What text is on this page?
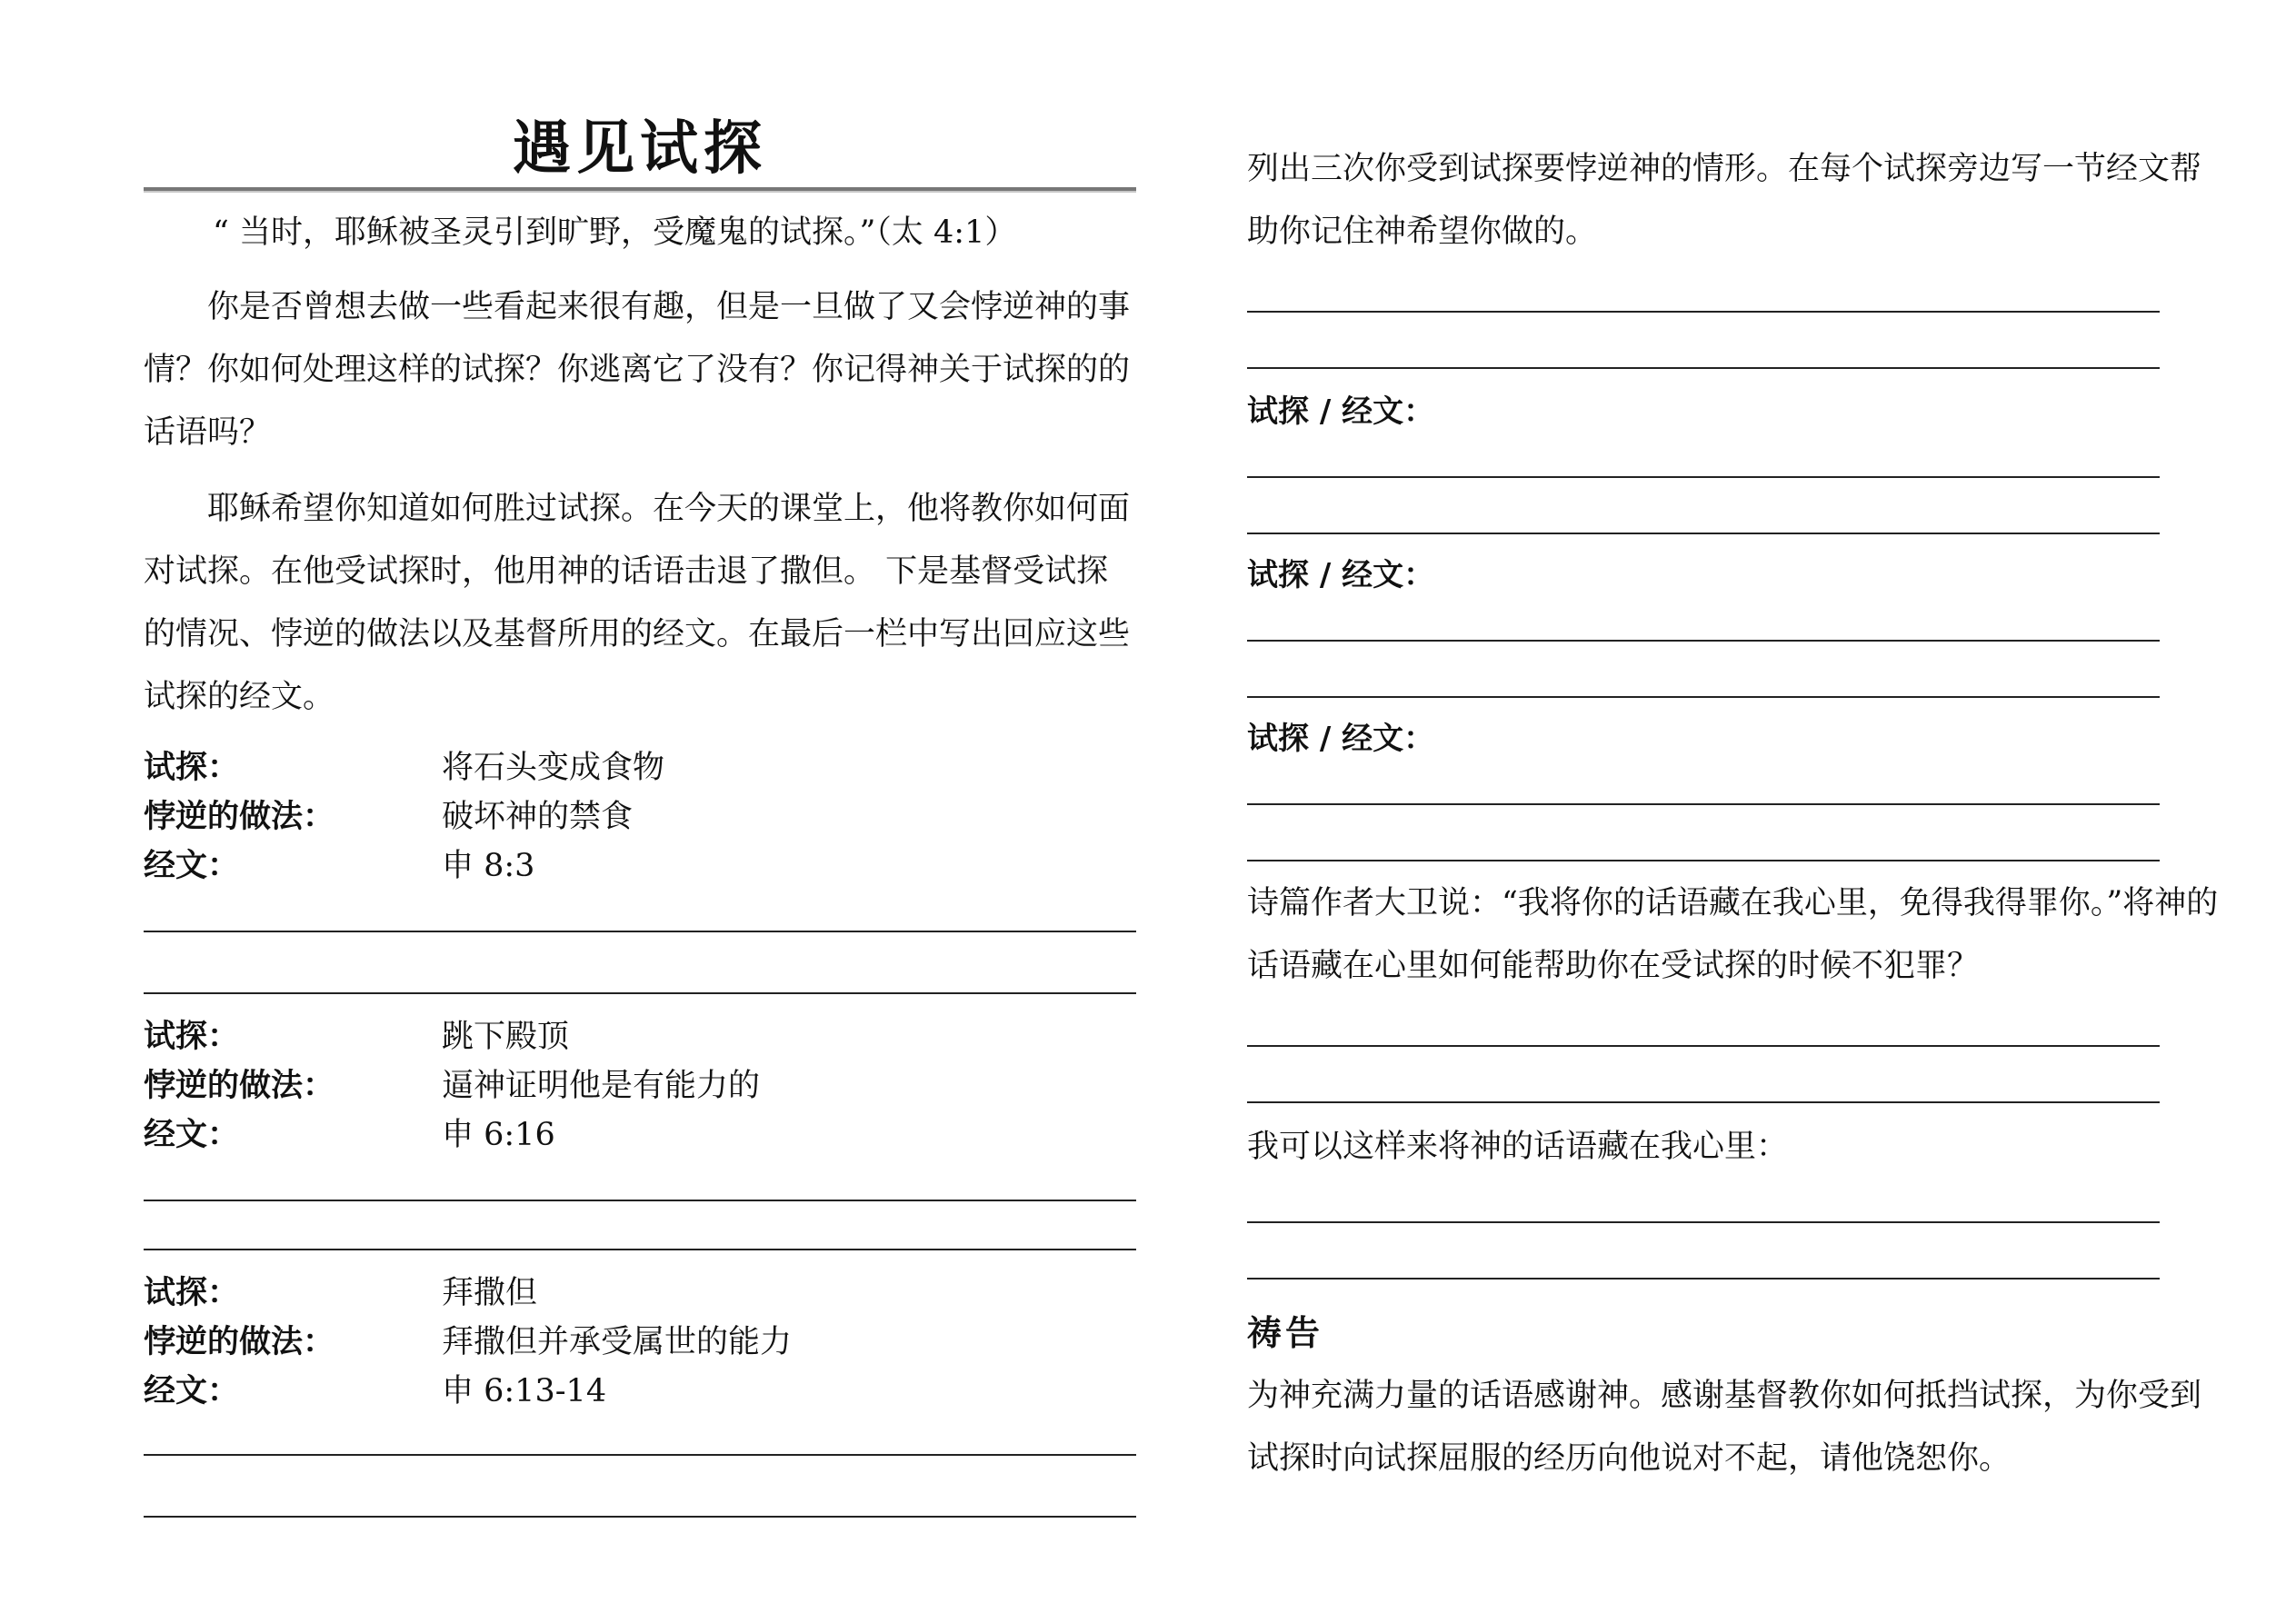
遇见试探
“ 当时，耶稣被圣灵引到旷野，受魔鬼的试探。”（太 4:1）
你是否曾想去做一些看起来很有趣，但是一旦做了又会悖逆神的事情？你如何处理这样的试探？你逃离它了没有？你记得神关于试探的的话语吗？
耶稣希望你知道如何胜过试探。在今天的课堂上，他将教你如何面对试探。在他受试探时，他用神的话语击退了撒但。 下是基督受试探的情况、悖逆的做法以及基督所用的经文。在最后一栏中写出回应这些试探的经文。
试探：	将石头变成食物
悖逆的做法：	破坏神的禁食
经文：	申 8:3
试探：	跳下殿顶
悖逆的做法：	逼神证明他是有能力的
经文：	申 6:16
试探：	拜撒但
悖逆的做法：	拜撒但并承受属世的能力
经文：	申 6:13-14
列出三次你受到试探要悖逆神的情形。在每个试探旁边写一节经文帮助你记住神希望你做的。
试探 / 经文：
试探 / 经文：
试探 / 经文：
诗篇作者大卫说：“我将你的话语藏在我心里，免得我得罪你。”将神的话语藏在心里如何能帮助你在受试探的时候不犯罪？
我可以这样来将神的话语藏在我心里：
祷告
为神充满力量的话语感谢神。感谢基督教你如何抵挡试探，为你受到试探时向试探屈服的经历向他说对不起，请他饶恕你。
